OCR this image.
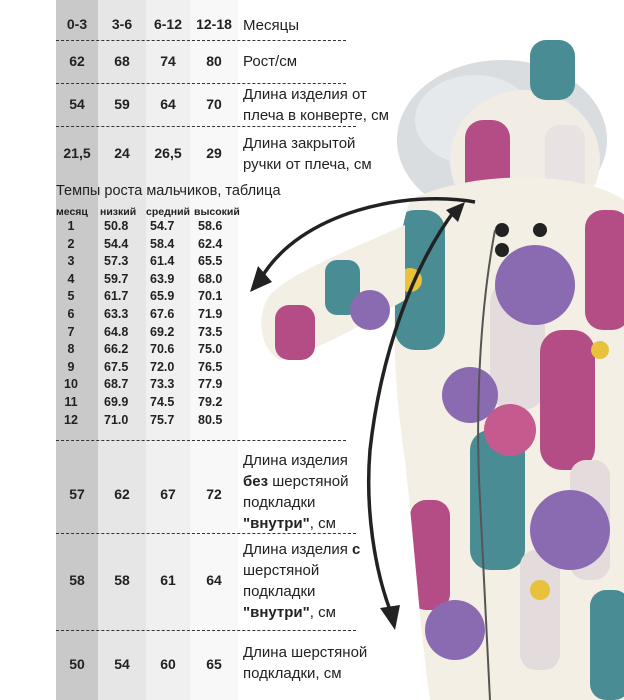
0-3	3-6	6-12	12-18 Месяцы
62	68	74	80	Рост/см
54	59	64	70
Длина изделия от
плеча в конверте, см
21,5	24	26,5	29
Длина закрытой
ручки от плеча, см
Темпы роста мальчиков, таблица
месяц низкий средний высокий
1	50.8 54.7 58.6
2	54.4 58.4 62.4
3	57.3 61.4 65.5
4	59.7 63.9 68.0
5	61.7 65.9 70.1
6	63.3 67.6 71.9
7	64.8 69.2 73.5
8	66.2 70.6 75.0
9	67.5 72.0 76.5
10	68.7 73.3 77.9
11	69.9 74.5 79.2
12	71.0 75.7 80.5
57	62	67	72
Длина изделия
без шерстяной
подкладки
"внутри", см
58	58	61	64
Длина изделия с
шерстяной
подкладки
"внутри", см
50	54	60	65
Длина шерстяной
подкладки, см
